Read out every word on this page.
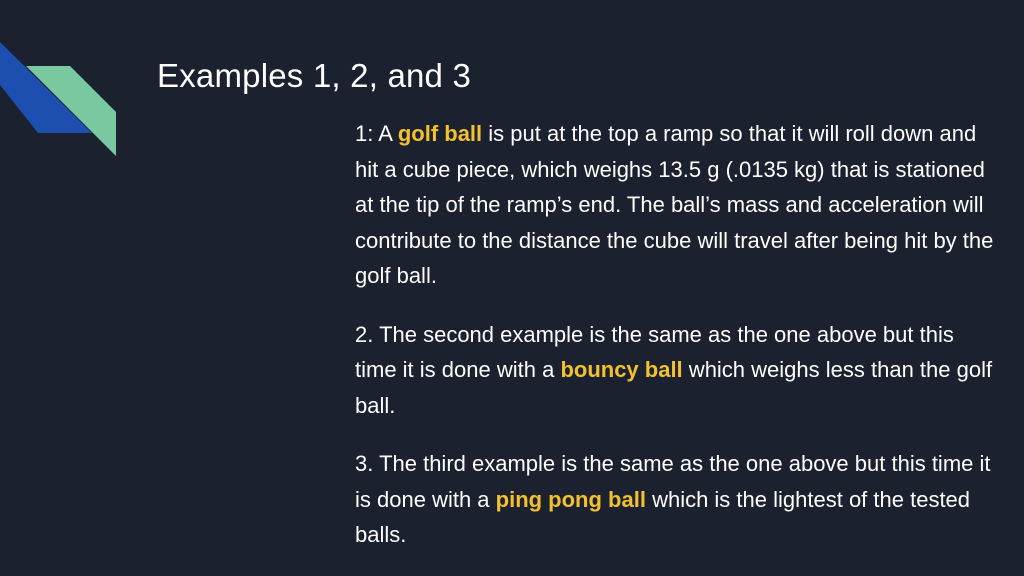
Examples 1, 2, and 3

1: A golf ball is put at the top a ramp so that it will roll down and hit a cube piece, which weighs 13.5 g (.0135 kg) that is stationed at the tip of the ramp’s end. The ball’s mass and acceleration will contribute to the distance the cube will travel after being hit by the golf ball.

2. The second example is the same as the one above but this time it is done with a bouncy ball which weighs less than the golf ball.

3. The third example is the same as the one above but this time it is done with a ping pong ball which is the lightest of the tested balls.
